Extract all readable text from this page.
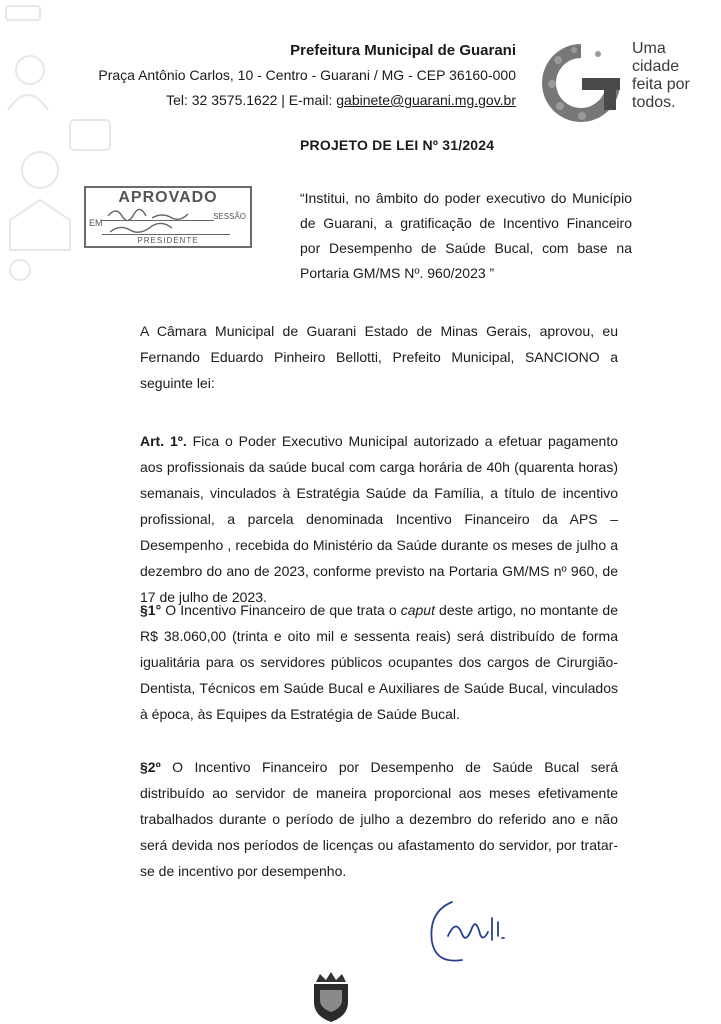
Prefeitura Municipal de Guarani
Praça Antônio Carlos, 10 - Centro - Guarani / MG - CEP 36160-000
Tel: 32 3575.1622 | E-mail: gabinete@guarani.mg.gov.br
Uma
cidade
feita por
todos.
PROJETO DE LEI Nº 31/2024
APROVADO
EM
SESSÃO
PRESIDENTE
“Institui, no âmbito do poder executivo do Município de Guarani, a gratificação de Incentivo Financeiro por Desempenho de Saúde Bucal, com base na Portaria GM/MS Nº. 960/2023 ”
A Câmara Municipal de Guarani Estado de Minas Gerais, aprovou, eu Fernando Eduardo Pinheiro Bellotti, Prefeito Municipal, SANCIONO a seguinte lei:
Art. 1º. Fica o Poder Executivo Municipal autorizado a efetuar pagamento aos profissionais da saúde bucal com carga horária de 40h (quarenta horas) semanais, vinculados à Estratégia Saúde da Família, a título de incentivo profissional, a parcela denominada Incentivo Financeiro da APS – Desempenho , recebida do Ministério da Saúde durante os meses de julho a dezembro do ano de 2023, conforme previsto na Portaria GM/MS nº 960, de 17 de julho de 2023.
§1° O Incentivo Financeiro de que trata o caput deste artigo, no montante de R$ 38.060,00 (trinta e oito mil e sessenta reais) será distribuído de forma igualitária para os servidores públicos ocupantes dos cargos de Cirurgião-Dentista, Técnicos em Saúde Bucal e Auxiliares de Saúde Bucal, vinculados à época, às Equipes da Estratégia de Saúde Bucal.
§2º O Incentivo Financeiro por Desempenho de Saúde Bucal será distribuído ao servidor de maneira proporcional aos meses efetivamente trabalhados durante o período de julho a dezembro do referido ano e não será devida nos períodos de licenças ou afastamento do servidor, por tratar-se de incentivo por desempenho.
